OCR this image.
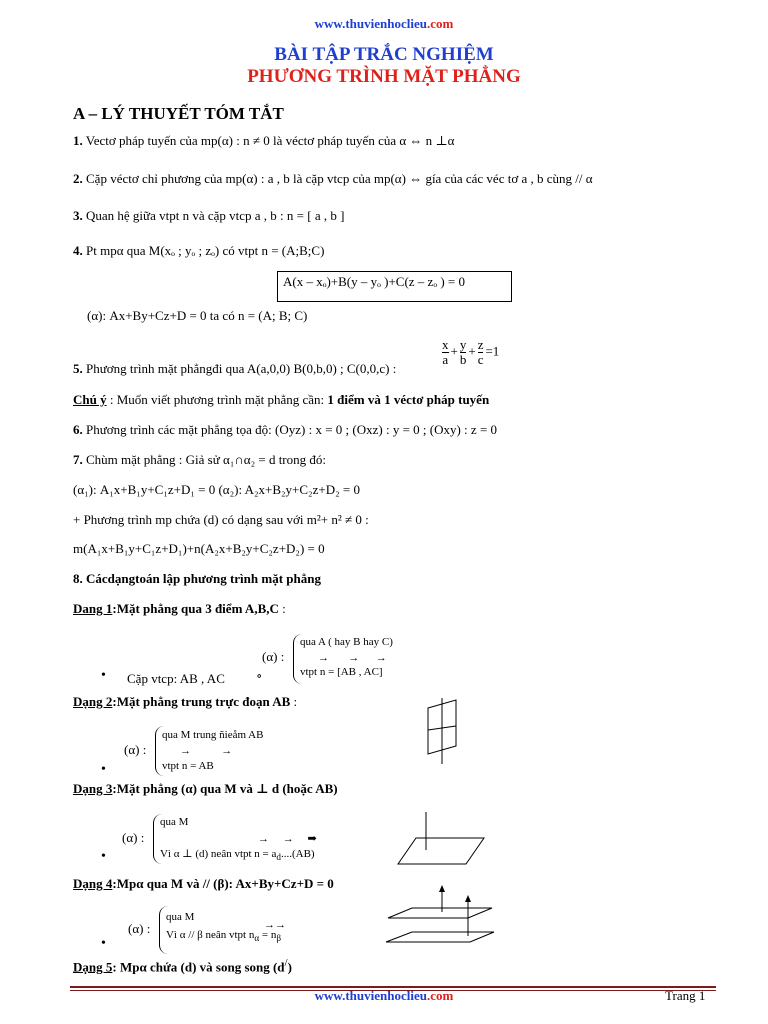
www.thuvienhoclieu.com
BÀI TẬP TRẮC NGHIỆM
PHƯƠNG TRÌNH MẶT PHẲNG
A – LÝ THUYẾT TÓM TẮT
1. Vectơ pháp tuyến của mp(α) : n ≠ 0 là véctơ pháp tuyến của α ⇔ n ⊥α
2. Cặp véctơ chỉ phương của mp(α) : a , b là cặp vtcp của mp(α) ⇔ gía của các véc tơ a , b cùng // α
3. Quan hệ giữa vtpt n và cặp vtcp a , b : n = [ a , b ]
4. Pt mpα qua M(xₒ ; yₒ ; zₒ) có vtpt n = (A;B;C)
A(x – xₒ)+B(y – yₒ )+C(z – zₒ ) = 0
(α): Ax+By+Cz+D = 0 ta có n = (A; B; C)
5. Phương trình mặt phẳngđi qua A(a,0,0) B(0,b,0) ; C(0,0,c) :
$\frac{x}{a} + \frac{y}{b} + \frac{z}{c} =1$
Chú ý : Muốn viết phương trình mặt phẳng cần: 1 điểm và 1 véctơ pháp tuyến
6. Phương trình các mặt phẳng tọa độ: (Oyz) : x = 0 ; (Oxz) : y = 0 ; (Oxy) : z = 0
7. Chùm mặt phẳng : Giả sử α₁∩α₂ = d trong đó:
(α₁): A₁x+B₁y+C₁z+D₁ = 0 (α₂): A₂x+B₂y+C₂z+D₂ = 0
+ Phương trình mp chứa (d) có dạng sau với m²+ n² ≠ 0 :
m(A₁x+B₁y+C₁z+D₁)+n(A₂x+B₂y+C₂z+D₂) = 0
8. Cácdạngtoán lập phương trình mặt phẳng
Dang 1:Mặt phẳng qua 3 điểm A,B,C :
(α) :
qua A ( hay B hay C)
→       →      →
vtpt n = [AB , AC]
• Cặp vtcp: AB , AC ∘
Dạng 2:Mặt phẳng trung trực đoạn AB :
(α) :
qua M trung ñieåm AB
→           →
vtpt n = AB
•
Dạng 3:Mặt phẳng (α) qua M và ⊥ d (hoặc AB)
(α) :
qua M
→     →     ➡
Vì α ⊥ (d) neân vtpt $n = a_d....(AB)$
•
Dạng 4:Mpα qua M và // (β): Ax+By+Cz+D = 0
(α) :
qua M
→→
Vì α // β neân vtpt $n_\alpha = n_\beta$
•
Dạng 5: Mpα chứa (d) và song song (d/)
www.thuvienhoclieu.com	Trang 1
